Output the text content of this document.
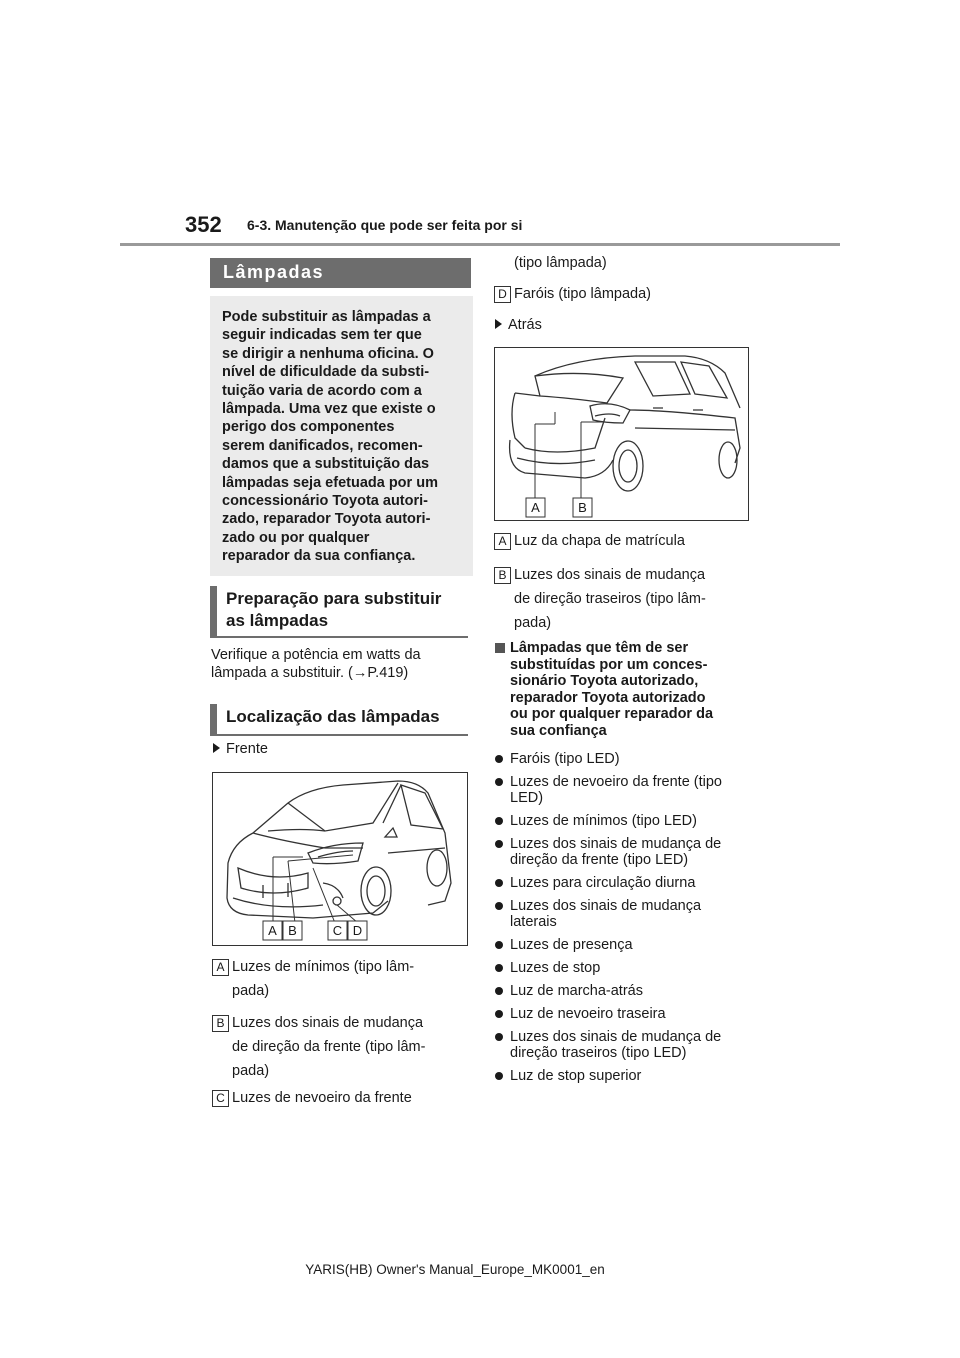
352 6-3. Manutenção que pode ser feita por si
Lâmpadas
Pode substituir as lâmpadas a
seguir indicadas sem ter que
se dirigir a nenhuma oficina. O
nível de dificuldade da substi-
tuição varia de acordo com a
lâmpada. Uma vez que existe o
perigo dos componentes
serem danificados, recomen-
damos que a substituição das
lâmpadas seja efetuada por um
concessionário Toyota autori-
zado, reparador Toyota autori-
zado ou por qualquer
reparador da sua confiança.
Preparação para substituir
as lâmpadas
Verifique a potência em watts da
lâmpada a substituir. (→P.419)
Localização das lâmpadas
Frente
A B	C D
A Luzes de mínimos (tipo lâm-
pada)
B Luzes dos sinais de mudança
de direção da frente (tipo lâm-
pada)
C Luzes de nevoeiro da frente
(tipo lâmpada)
D Faróis (tipo lâmpada)
Atrás
A	B
A Luz da chapa de matrícula
B Luzes dos sinais de mudança
de direção traseiros (tipo lâm-
pada)
Lâmpadas que têm de ser
substituídas por um conces-
sionário Toyota autorizado,
reparador Toyota autorizado
ou por qualquer reparador da
sua confiança
Faróis (tipo LED)
Luzes de nevoeiro da frente (tipo
LED)
Luzes de mínimos (tipo LED)
Luzes dos sinais de mudança de
direção da frente (tipo LED)
Luzes para circulação diurna
Luzes dos sinais de mudança
laterais
Luzes de presença
Luzes de stop
Luz de marcha-atrás
Luz de nevoeiro traseira
Luzes dos sinais de mudança de
direção traseiros (tipo LED)
Luz de stop superior
YARIS(HB) Owner's Manual_Europe_MK0001_en
